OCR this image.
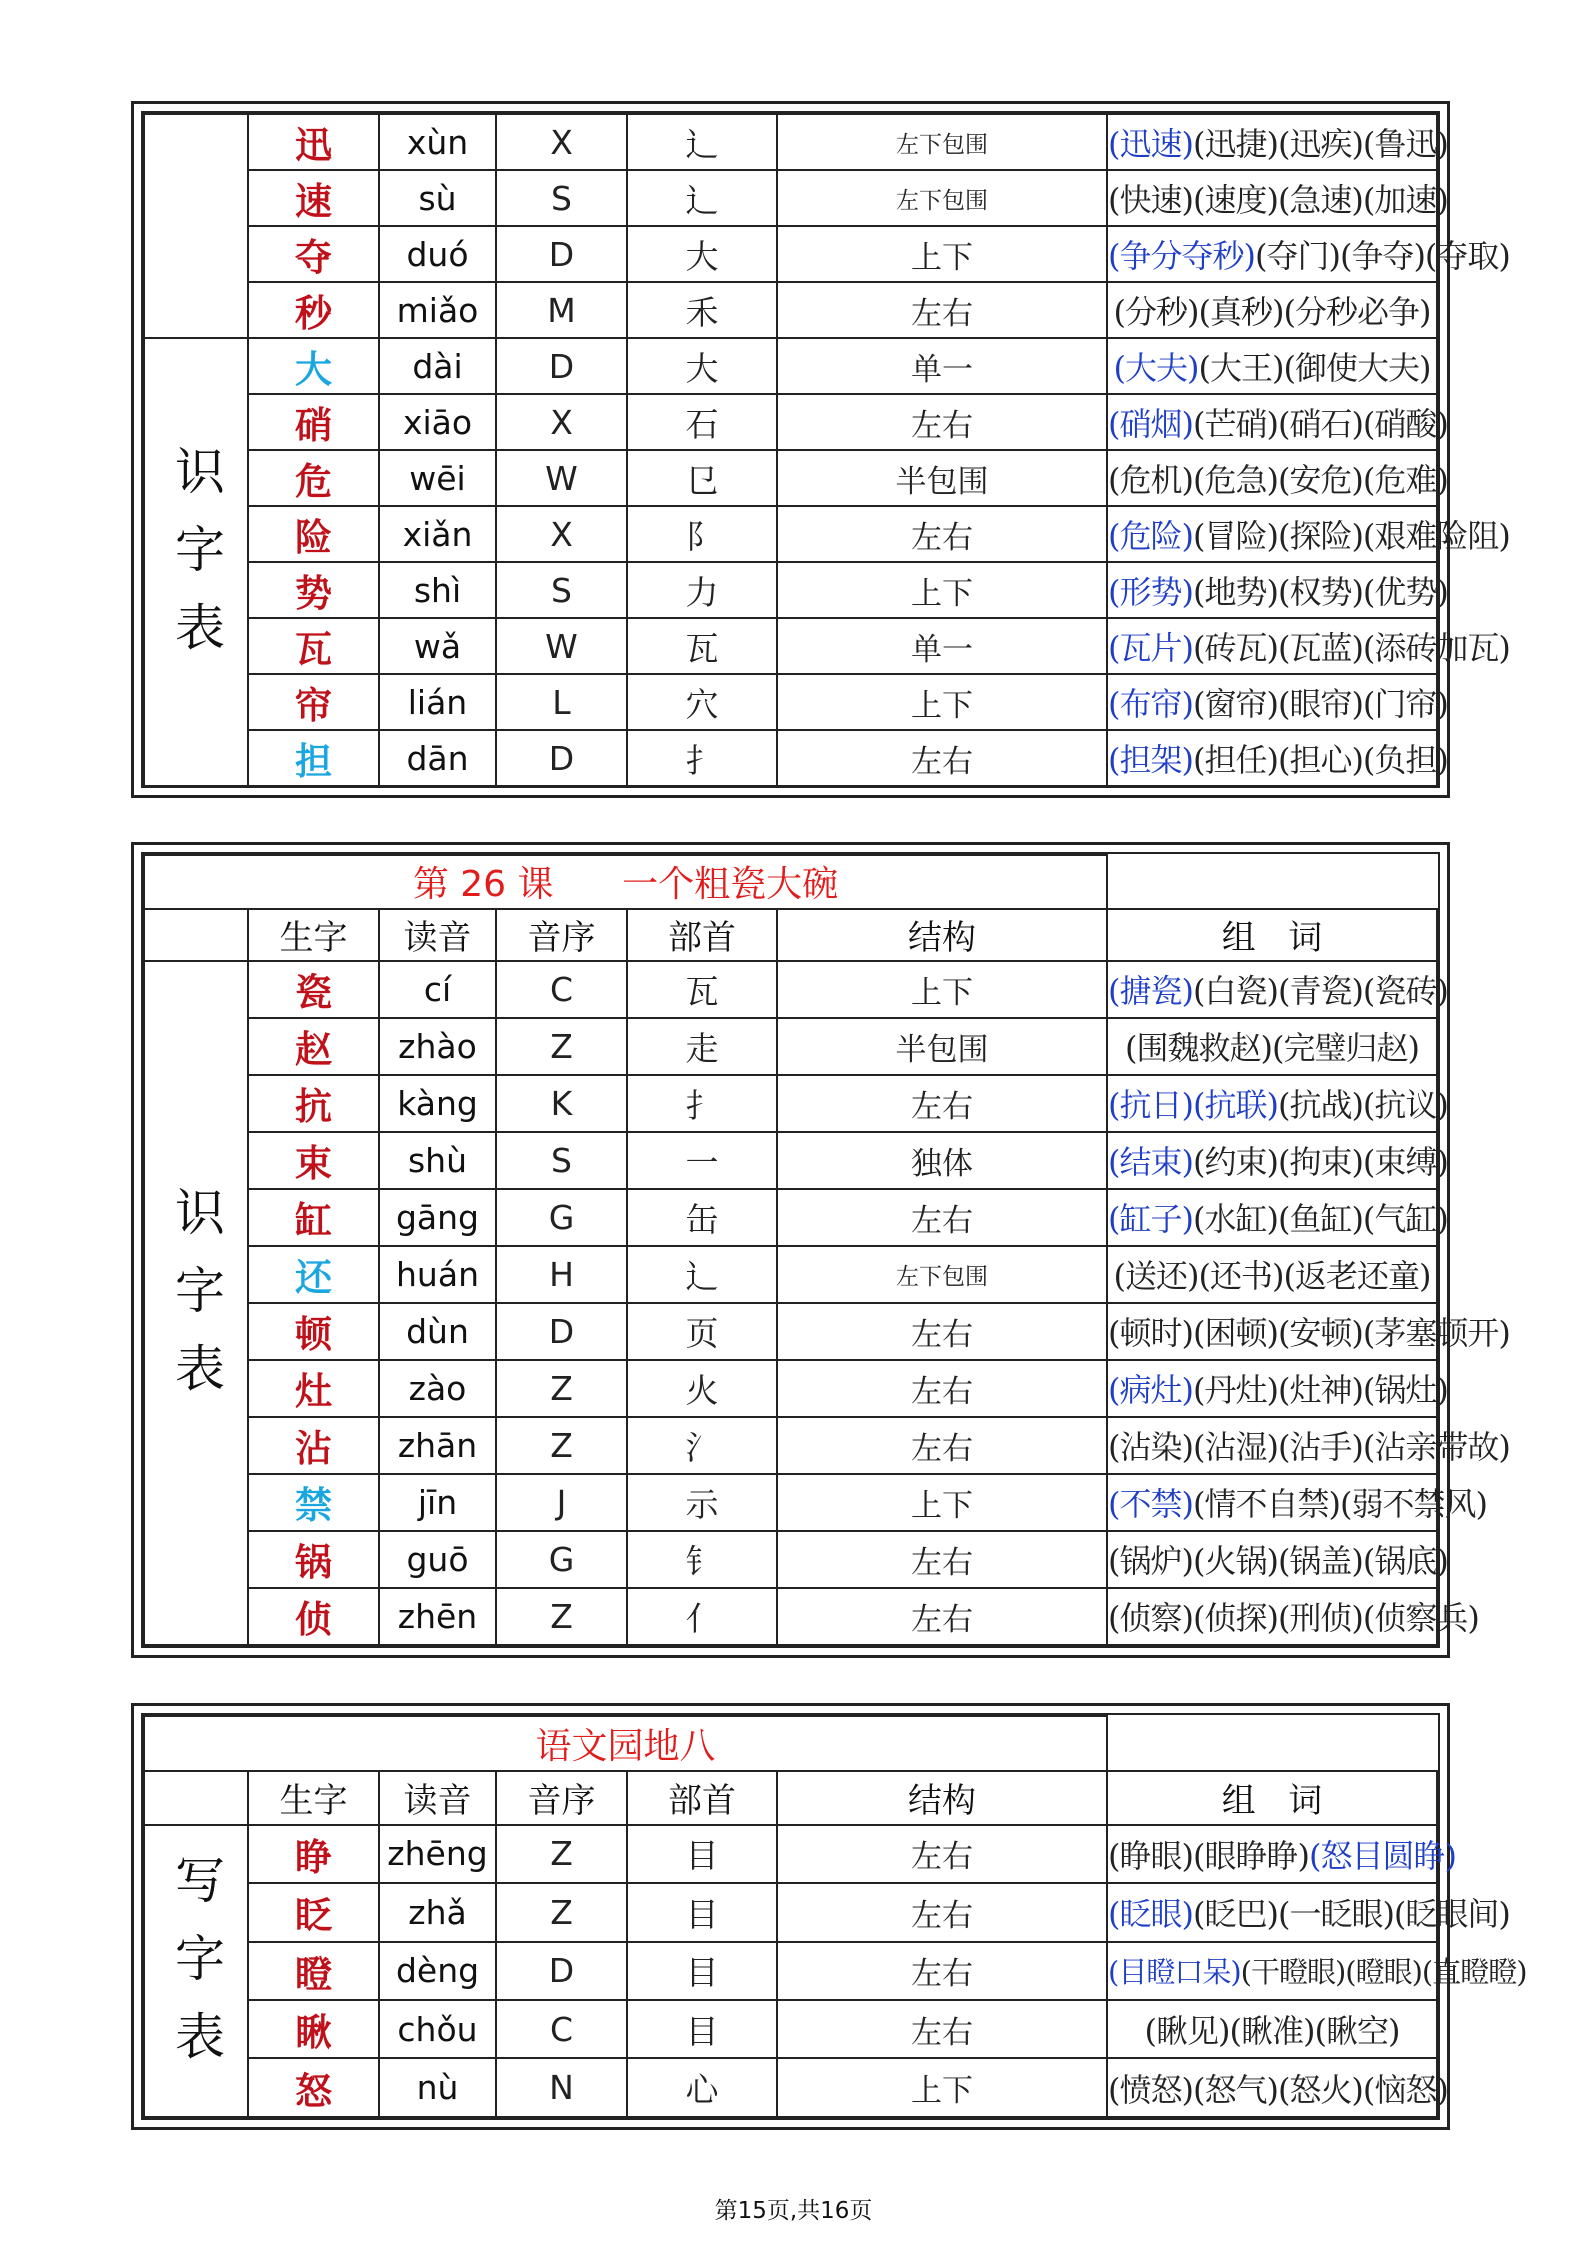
	迅	xùn	X	辶	左下包围	(迅速)(迅捷)(迅疾)(鲁迅)
	速	sù	S	辶	左下包围	(快速)(速度)(急速)(加速)
	夺	duó	D	大	上下	(争分夺秒)(夺门)(争夺)(夺取)
	秒	miǎo	M	禾	左右	(分秒)(真秒)(分秒必争)
识字表	大	dài	D	大	单一	(大夫)(大王)(御使大夫)
	硝	xiāo	X	石	左右	(硝烟)(芒硝)(硝石)(硝酸)
	危	wēi	W	㔾	半包围	(危机)(危急)(安危)(危难)
	险	xiǎn	X	阝	左右	(危险)(冒险)(探险)(艰难险阻)
	势	shì	S	力	上下	(形势)(地势)(权势)(优势)
	瓦	wǎ	W	瓦	单一	(瓦片)(砖瓦)(瓦蓝)(添砖加瓦)
	帘	lián	L	穴	上下	(布帘)(窗帘)(眼帘)(门帘)
	担	dān	D	扌	左右	(担架)(担任)(担心)(负担)
第 26 课      一个粗瓷大碗						
	生字	读音	音序	部首	结构	组   词
识字表	瓷	cí	C	瓦	上下	(搪瓷)(白瓷)(青瓷)(瓷砖)
	赵	zhào	Z	走	半包围	(围魏救赵)(完璧归赵)
	抗	kàng	K	扌	左右	(抗日)(抗联)(抗战)(抗议)
	束	shù	S	一	独体	(结束)(约束)(拘束)(束缚)
	缸	gāng	G	缶	左右	(缸子)(水缸)(鱼缸)(气缸)
	还	huán	H	辶	左下包围	(送还)(还书)(返老还童)
	顿	dùn	D	页	左右	(顿时)(困顿)(安顿)(茅塞顿开)
	灶	zào	Z	火	左右	(病灶)(丹灶)(灶神)(锅灶)
	沾	zhān	Z	氵	左右	(沾染)(沾湿)(沾手)(沾亲带故)
	禁	jīn	J	示	上下	(不禁)(情不自禁)(弱不禁风)
	锅	guō	G	钅	左右	(锅炉)(火锅)(锅盖)(锅底)
	侦	zhēn	Z	亻	左右	(侦察)(侦探)(刑侦)(侦察兵)
语文园地八						
	生字	读音	音序	部首	结构	组   词
写字表	睁	zhēng	Z	目	左右	(睁眼)(眼睁睁)(怒目圆睁)
	眨	zhǎ	Z	目	左右	(眨眼)(眨巴)(一眨眼)(眨眼间)
	瞪	dèng	D	目	左右	(目瞪口呆)(干瞪眼)(瞪眼)(直瞪瞪)
	瞅	chǒu	C	目	左右	(瞅见)(瞅准)(瞅空)
	怒	nù	N	心	上下	(愤怒)(怒气)(怒火)(恼怒)
第15页,共16页
